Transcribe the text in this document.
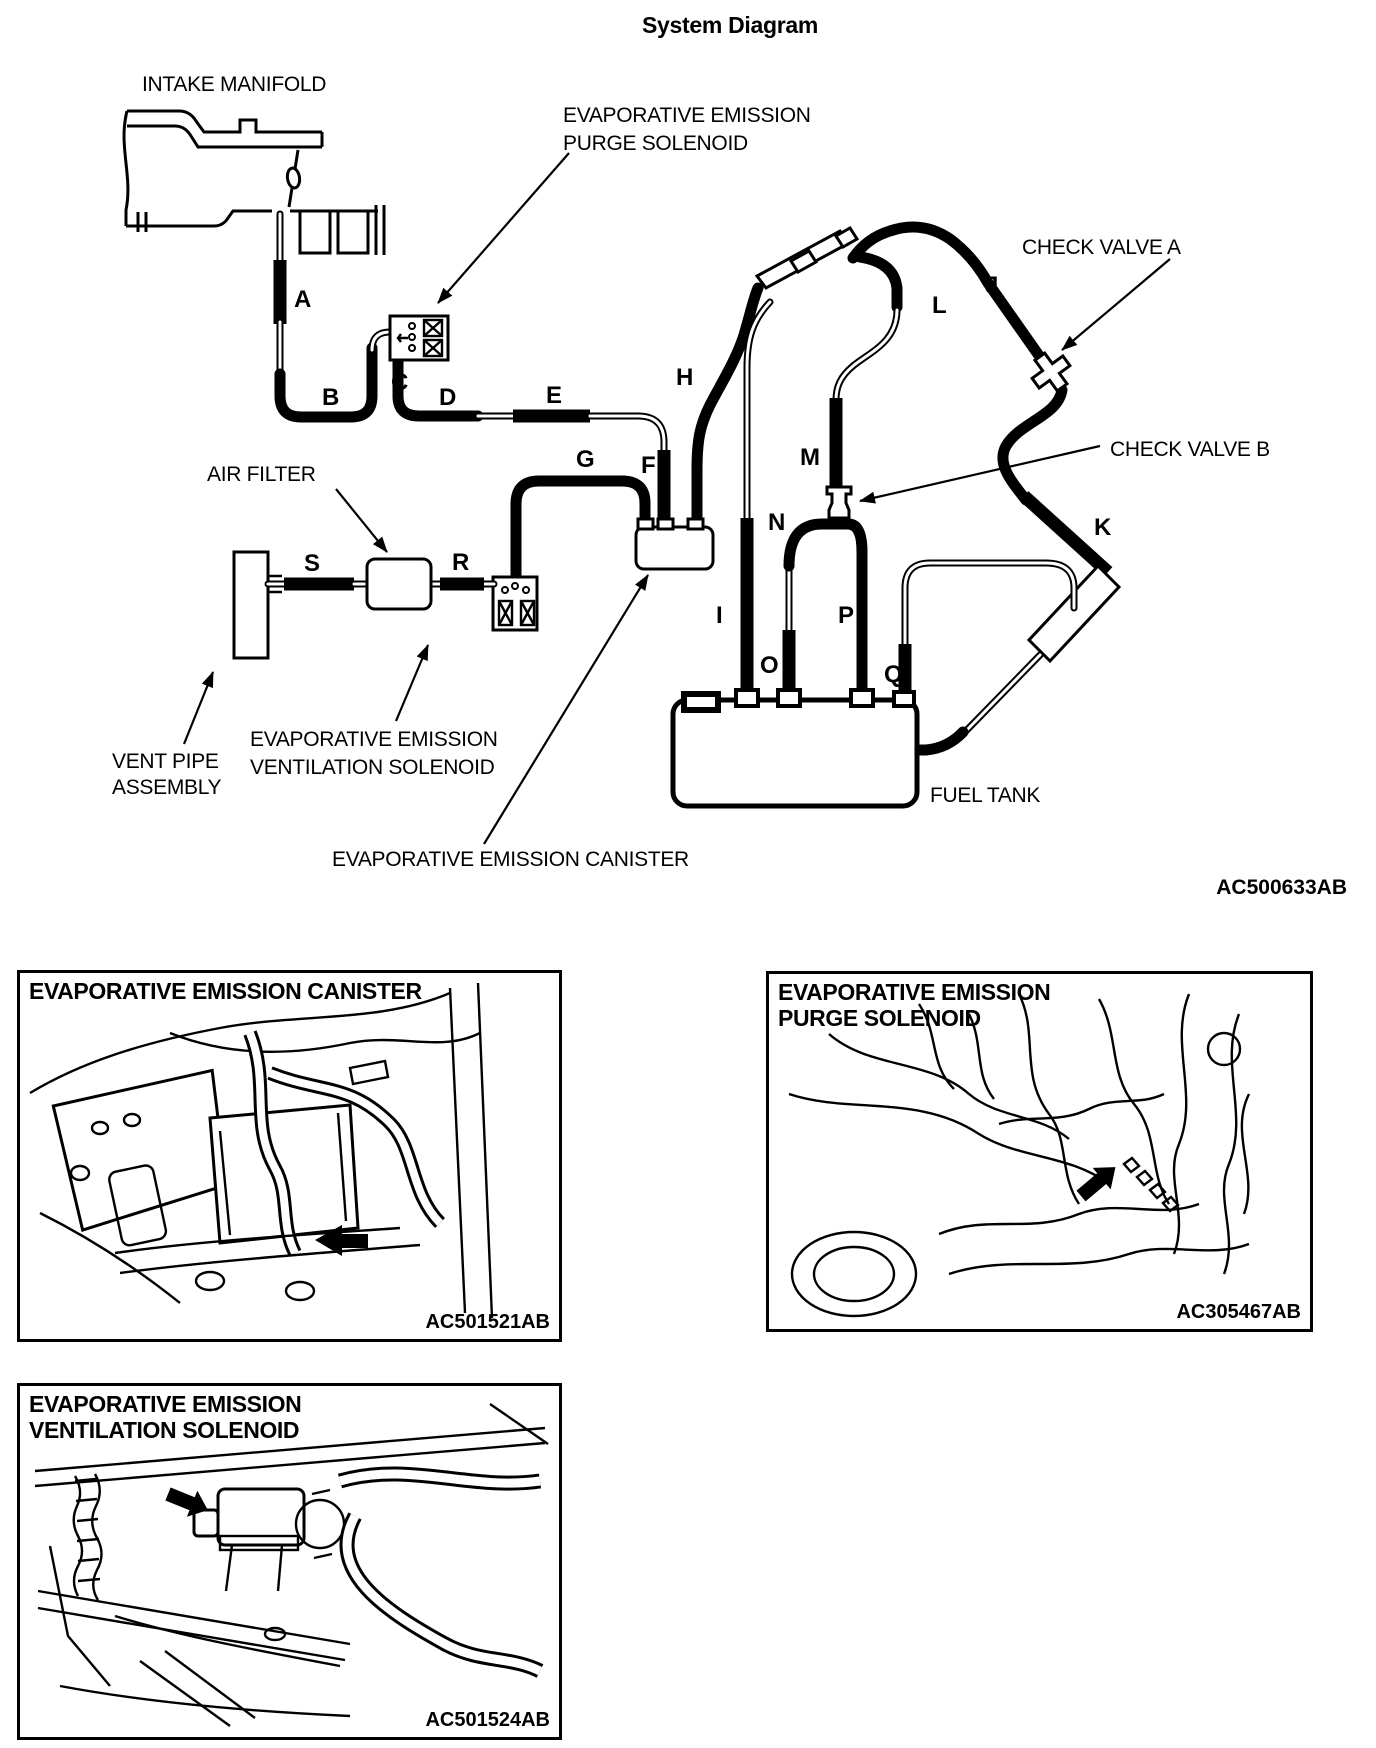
System Diagram
INTAKE MANIFOLD
EVAPORATIVE EMISSION
PURGE SOLENOID
CHECK VALVE A
CHECK VALVE B
AIR FILTER
VENT PIPE
ASSEMBLY
EVAPORATIVE EMISSION
VENTILATION SOLENOID
EVAPORATIVE EMISSION CANISTER
FUEL TANK
AC500633AB
A
B
C
D	E
F
G
H
I
J
K
L
M
N
O
P
Q
R
S
EVAPORATIVE EMISSION CANISTER
AC501521AB
EVAPORATIVE EMISSION
PURGE SOLENOID
AC305467AB
EVAPORATIVE EMISSION
VENTILATION SOLENOID
AC501524AB
